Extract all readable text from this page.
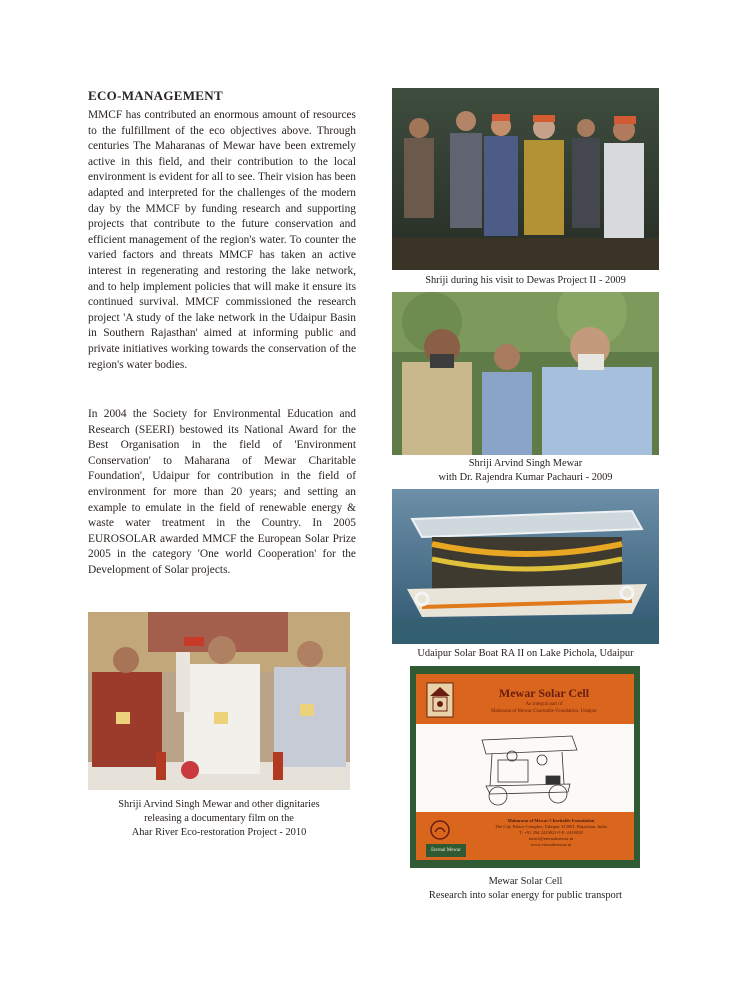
ECO-MANAGEMENT

MMCF has contributed an enormous amount of resources to the fulfillment of the eco objectives above. Through centuries The Maharanas of Mewar have been extremely active in this field, and their contribution to the local environment is evident for all to see. Their vision has been adapted and interpreted for the challenges of the modern day by the MMCF by funding research and supporting projects that contribute to the future conservation and efficient management of the region's water. To counter the varied factors and threats MMCF has taken an active interest in regenerating and restoring the lake network, and to help implement policies that will make it ensure its continued survival. MMCF commissioned the research project 'A study of the lake network in the Udaipur Basin in Southern Rajasthan' aimed at informing public and private initiatives working towards the conservation of the region's water bodies.

In 2004 the Society for Environmental Education and Research (SEERI) bestowed its National Award for the Best Organisation in the field of 'Environment Conservation' to Maharana of Mewar Charitable Foundation', Udaipur for contribution in the field of environment for more than 20 years; and setting an example to emulate in the field of renewable energy & waste water treatment in the Country. In 2005 EUROSOLAR awarded MMCF the European Solar Prize 2005 in the category 'One world Cooperation' for the Development of Solar projects.

Shriji during his visit to Dewas Project II - 2009
Shriji Arvind Singh Mewar
with Dr. Rajendra Kumar Pachauri - 2009
Udaipur Solar Boat RA II on Lake Pichola, Udaipur
Shriji Arvind Singh Mewar and other dignitaries
releasing a documentary film on the
Ahar River Eco-restoration Project - 2010
Mewar Solar Cell
An integral part of
Maharana of Mewar Charitable Foundation, Udaipur
Maharana of Mewar Charitable Foundation
The City Palace Complex, Udaipur 313001, Rajasthan, India
T: +91 294 2419021-9 F: 2419020
mmcf@eternalmewar.in
www.eternalmewar.in
Eternal Mewar
Mewar Solar Cell
Research into solar energy for public transport
